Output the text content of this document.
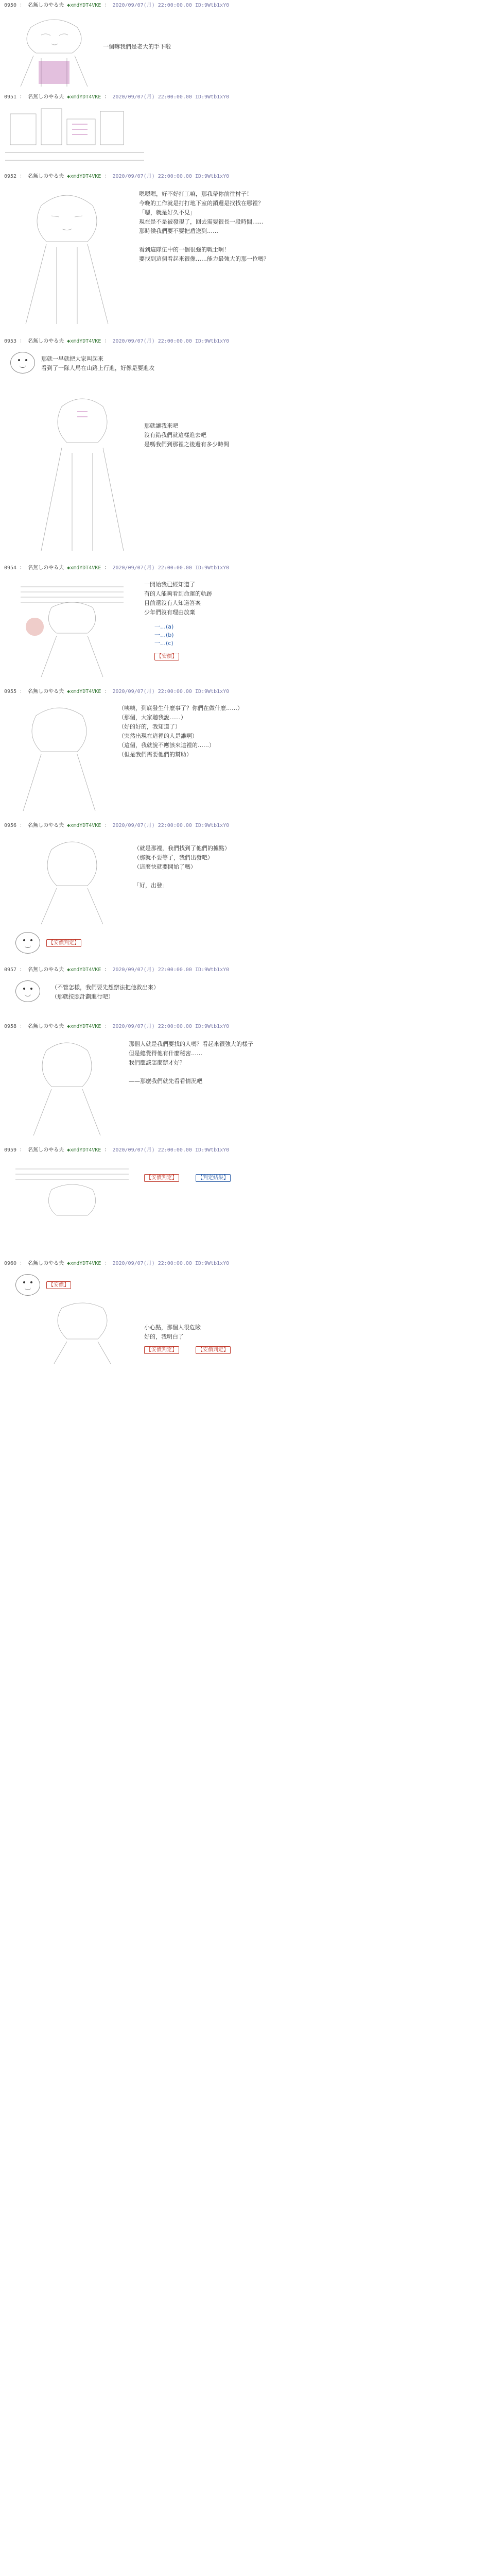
0950 ： 名無しのやる夫 ◆xmdYDT4VKE ： 2020/09/07(月) 22:00:00.00 ID:9Wtb1xY0
一個嘛我們是老大的手下啦
0951 ： 名無しのやる夫 ◆xmdYDT4VKE ： 2020/09/07(月) 22:00:00.00 ID:9Wtb1xY0
0952 ： 名無しのやる夫 ◆xmdYDT4VKE ： 2020/09/07(月) 22:00:00.00 ID:9Wtb1xY0
嗯嗯嗯，好不好打工嘛，那我帶你前往村子！
今晚的工作就是打打地下室的鎖還是找找在哪裡？
「嗯，就是好久不見」
現在是不是被發現了，回去需要很長一段時間……
那時候我們要不要把盾送到……
看到這隊伍中的一個很強的戰士啊！
要找到這個看起來很像……能力最強大的那一位嗎？
0953 ： 名無しのやる夫 ◆xmdYDT4VKE ： 2020/09/07(月) 22:00:00.00 ID:9Wtb1xY0
那就一早就把大家叫起來
看到了一隊人馬在山路上行進，好像是要進攻
那就讓我來吧
沒有錯我們就這樣進去吧
是嗎我們到那裡之後還有多少時間
0954 ： 名無しのやる夫 ◆xmdYDT4VKE ： 2020/09/07(月) 22:00:00.00 ID:9Wtb1xY0
一開始我已經知道了
有的人能夠看到命運的軌跡
目前還沒有人知道答案
少年們沒有理由放棄
一…(a)
一…(b)
一…(c)
【安價】
0955 ： 名無しのやる夫 ◆xmdYDT4VKE ： 2020/09/07(月) 22:00:00.00 ID:9Wtb1xY0
（咦咦，到底發生什麼事了？你們在做什麼……）
（那個，大家聽我說……）
（好的好的，我知道了）
（突然出現在這裡的人是誰啊）
（這個，我就說不應該來這裡的……）
（但是我們需要他們的幫助）
0956 ： 名無しのやる夫 ◆xmdYDT4VKE ： 2020/09/07(月) 22:00:00.00 ID:9Wtb1xY0
（就是那裡，我們找到了他們的據點）
（那就不要等了，我們出發吧）
（這麼快就要開始了嗎）
「好，出發」
【安價判定】
0957 ： 名無しのやる夫 ◆xmdYDT4VKE ： 2020/09/07(月) 22:00:00.00 ID:9Wtb1xY0
（不管怎樣，我們要先想辦法把他救出來）
（那就按照計劃進行吧）
0958 ： 名無しのやる夫 ◆xmdYDT4VKE ： 2020/09/07(月) 22:00:00.00 ID:9Wtb1xY0
那個人就是我們要找的人嗎？看起來很強大的樣子
但是總覺得他有什麼秘密……
我們應該怎麼辦才好？
——那麼我們就先看看情況吧
0959 ： 名無しのやる夫 ◆xmdYDT4VKE ： 2020/09/07(月) 22:00:00.00 ID:9Wtb1xY0
【安價判定】	【判定結果】
0960 ： 名無しのやる夫 ◆xmdYDT4VKE ： 2020/09/07(月) 22:00:00.00 ID:9Wtb1xY0
【安價】
小心點，那個人很危險
好的，我明白了
【安價判定】	【安價判定】
